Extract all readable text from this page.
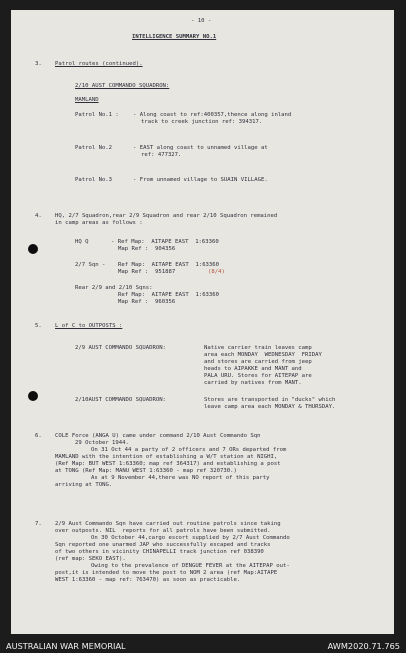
- 10 -
INTELLIGENCE SUMMARY NO.1
3. Patrol routes (continued).
2/10 AUST COMMANDO SQUADRON:
MAMLAND
Patrol No.1 :	- Along coast to ref:400357,thence along inland
track to creek junction ref: 394317.
Patrol No.2	- EAST along coast to unnamed village at
ref: 477327.
Patrol No.3	- From unnamed village to SUAIN VILLAGE.
4. HQ, 2/7 Squadron,rear 2/9 Squadron and rear 2/10 Squadron remained
in camp areas as follows :
HQ Q	- Ref Map:  AITAPE EAST  1:63360
Map Ref :  904356
2/7 Sqn - Ref Map:  AITAPE EAST  1:63360
Map Ref :  951887	(8/4)
Rear 2/9 and 2/10 Sqns:
Ref Map:  AITAPE EAST  1:63360
Map Ref :  960356
5. L of C to OUTPOSTS :
2/9 AUST COMMANDO SQUADRON:	Native carrier train leaves camp
area each MONDAY  WEDNESDAY  FRIDAY
and stores are carried from jeep
heads to AIPAKKE and MANT and
PALA URU. Stores for AITEPAP are
carried by natives from MANT.
2/10AUST COMMANDO SQUADRON:	Stores are transported in "ducks" which
leave camp area each MONDAY & THURSDAY.
6. COLE Force (ANGA U) came under command 2/10 Aust Commando Sqn
29 October 1944.
On 31 Oct 44 a party of 2 officers and 7 ORs departed from
MAMLAND with the intention of establishing a W/T station at NIGHI,
(Ref Map: BUT WEST 1:63360; map ref 364317) and establishing a post
at TONG (Ref Map: MANU WEST 1:63360 - map ref 320730.)
As at 9 November 44,there was NO report of this party
arriving at TONG.
7. 2/9 Aust Commando Sqn have carried out routine patrols since taking
over outposts. NIL  reports for all patrols have been submitted.
On 30 October 44,cargo escort supplied by 2/7 Aust Commando
Sqn reported one unarmed JAP who successfully escaped and tracks
of two others in vicinity CHINAPELLI track junction ref 038390
(ref map: SEKO EAST).
Owing to the prevalence of DENGUE FEVER at the AITEPAP out-
post,it is intended to move the post to NOM 2 area (ref Map:AITAPE
WEST 1:63360 - map ref: 763470) as soon as practicable.
AUSTRALIAN WAR MEMORIAL	AWM2020.71.765
